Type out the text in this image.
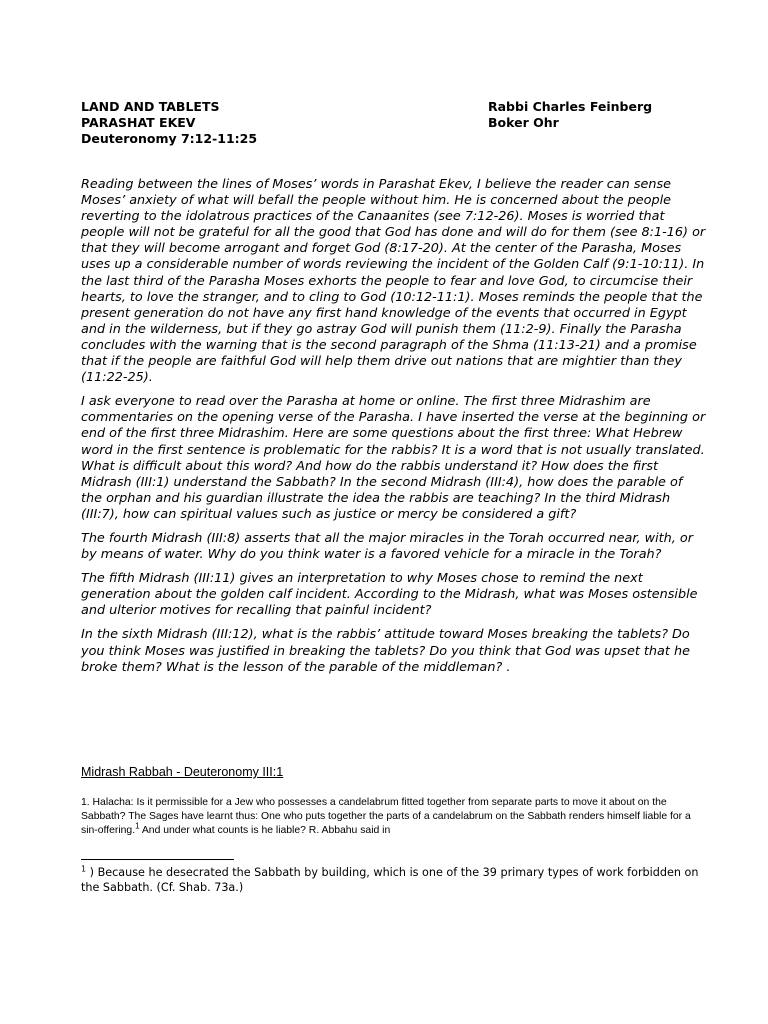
LAND AND TABLETS
PARASHAT EKEV
Deuteronomy 7:12-11:25
Rabbi Charles Feinberg
Boker Ohr

Reading between the lines of Moses’ words in Parashat Ekev, I believe the reader can sense Moses’ anxiety of what will befall the people without him. He is concerned about the people reverting to the idolatrous practices of the Canaanites (see 7:12-26). Moses is worried that people will not be grateful for all the good that God has done and will do for them (see 8:1-16) or that they will become arrogant and forget God (8:17-20). At the center of the Parasha, Moses uses up a considerable number of words reviewing the incident of the Golden Calf (9:1-10:11). In the last third of the Parasha Moses exhorts the people to fear and love God, to circumcise their hearts, to love the stranger, and to cling to God (10:12-11:1). Moses reminds the people that the present generation do not have any first hand knowledge of the events that occurred in Egypt and in the wilderness, but if they go astray God will punish them (11:2-9). Finally the Parasha concludes with the warning that is the second paragraph of the Shma (11:13-21) and a promise that if the people are faithful God will help them drive out nations that are mightier than they (11:22-25).

I ask everyone to read over the Parasha at home or online. The first three Midrashim are commentaries on the opening verse of the Parasha. I have inserted the verse at the beginning or end of the first three Midrashim. Here are some questions about the first three: What Hebrew word in the first sentence is problematic for the rabbis? It is a word that is not usually translated. What is difficult about this word? And how do the rabbis understand it? How does the first Midrash (III:1) understand the Sabbath? In the second Midrash (III:4), how does the parable of the orphan and his guardian illustrate the idea the rabbis are teaching? In the third Midrash (III:7), how can spiritual values such as justice or mercy be considered a gift?

The fourth Midrash (III:8) asserts that all the major miracles in the Torah occurred near, with, or by means of water. Why do you think water is a favored vehicle for a miracle in the Torah?

The fifth Midrash (III:11) gives an interpretation to why Moses chose to remind the next generation about the golden calf incident. According to the Midrash, what was Moses ostensible and ulterior motives for recalling that painful incident?

In the sixth Midrash (III:12), what is the rabbis’ attitude toward Moses breaking the tablets? Do you think Moses was justified in breaking the tablets? Do you think that God was upset that he broke them? What is the lesson of the parable of the middleman? .

Midrash Rabbah - Deuteronomy III:1

1. Halacha: Is it permissible for a Jew who possesses a candelabrum fitted together from separate parts to move it about on the Sabbath? The Sages have learnt thus: One who puts together the parts of a candelabrum on the Sabbath renders himself liable for a sin-offering.$^1$ And under what counts is he liable? R. Abbahu said in

$^1$ ) Because he desecrated the Sabbath by building, which is one of the 39 primary types of work forbidden on the Sabbath. (Cf. Shab. 73a.)
